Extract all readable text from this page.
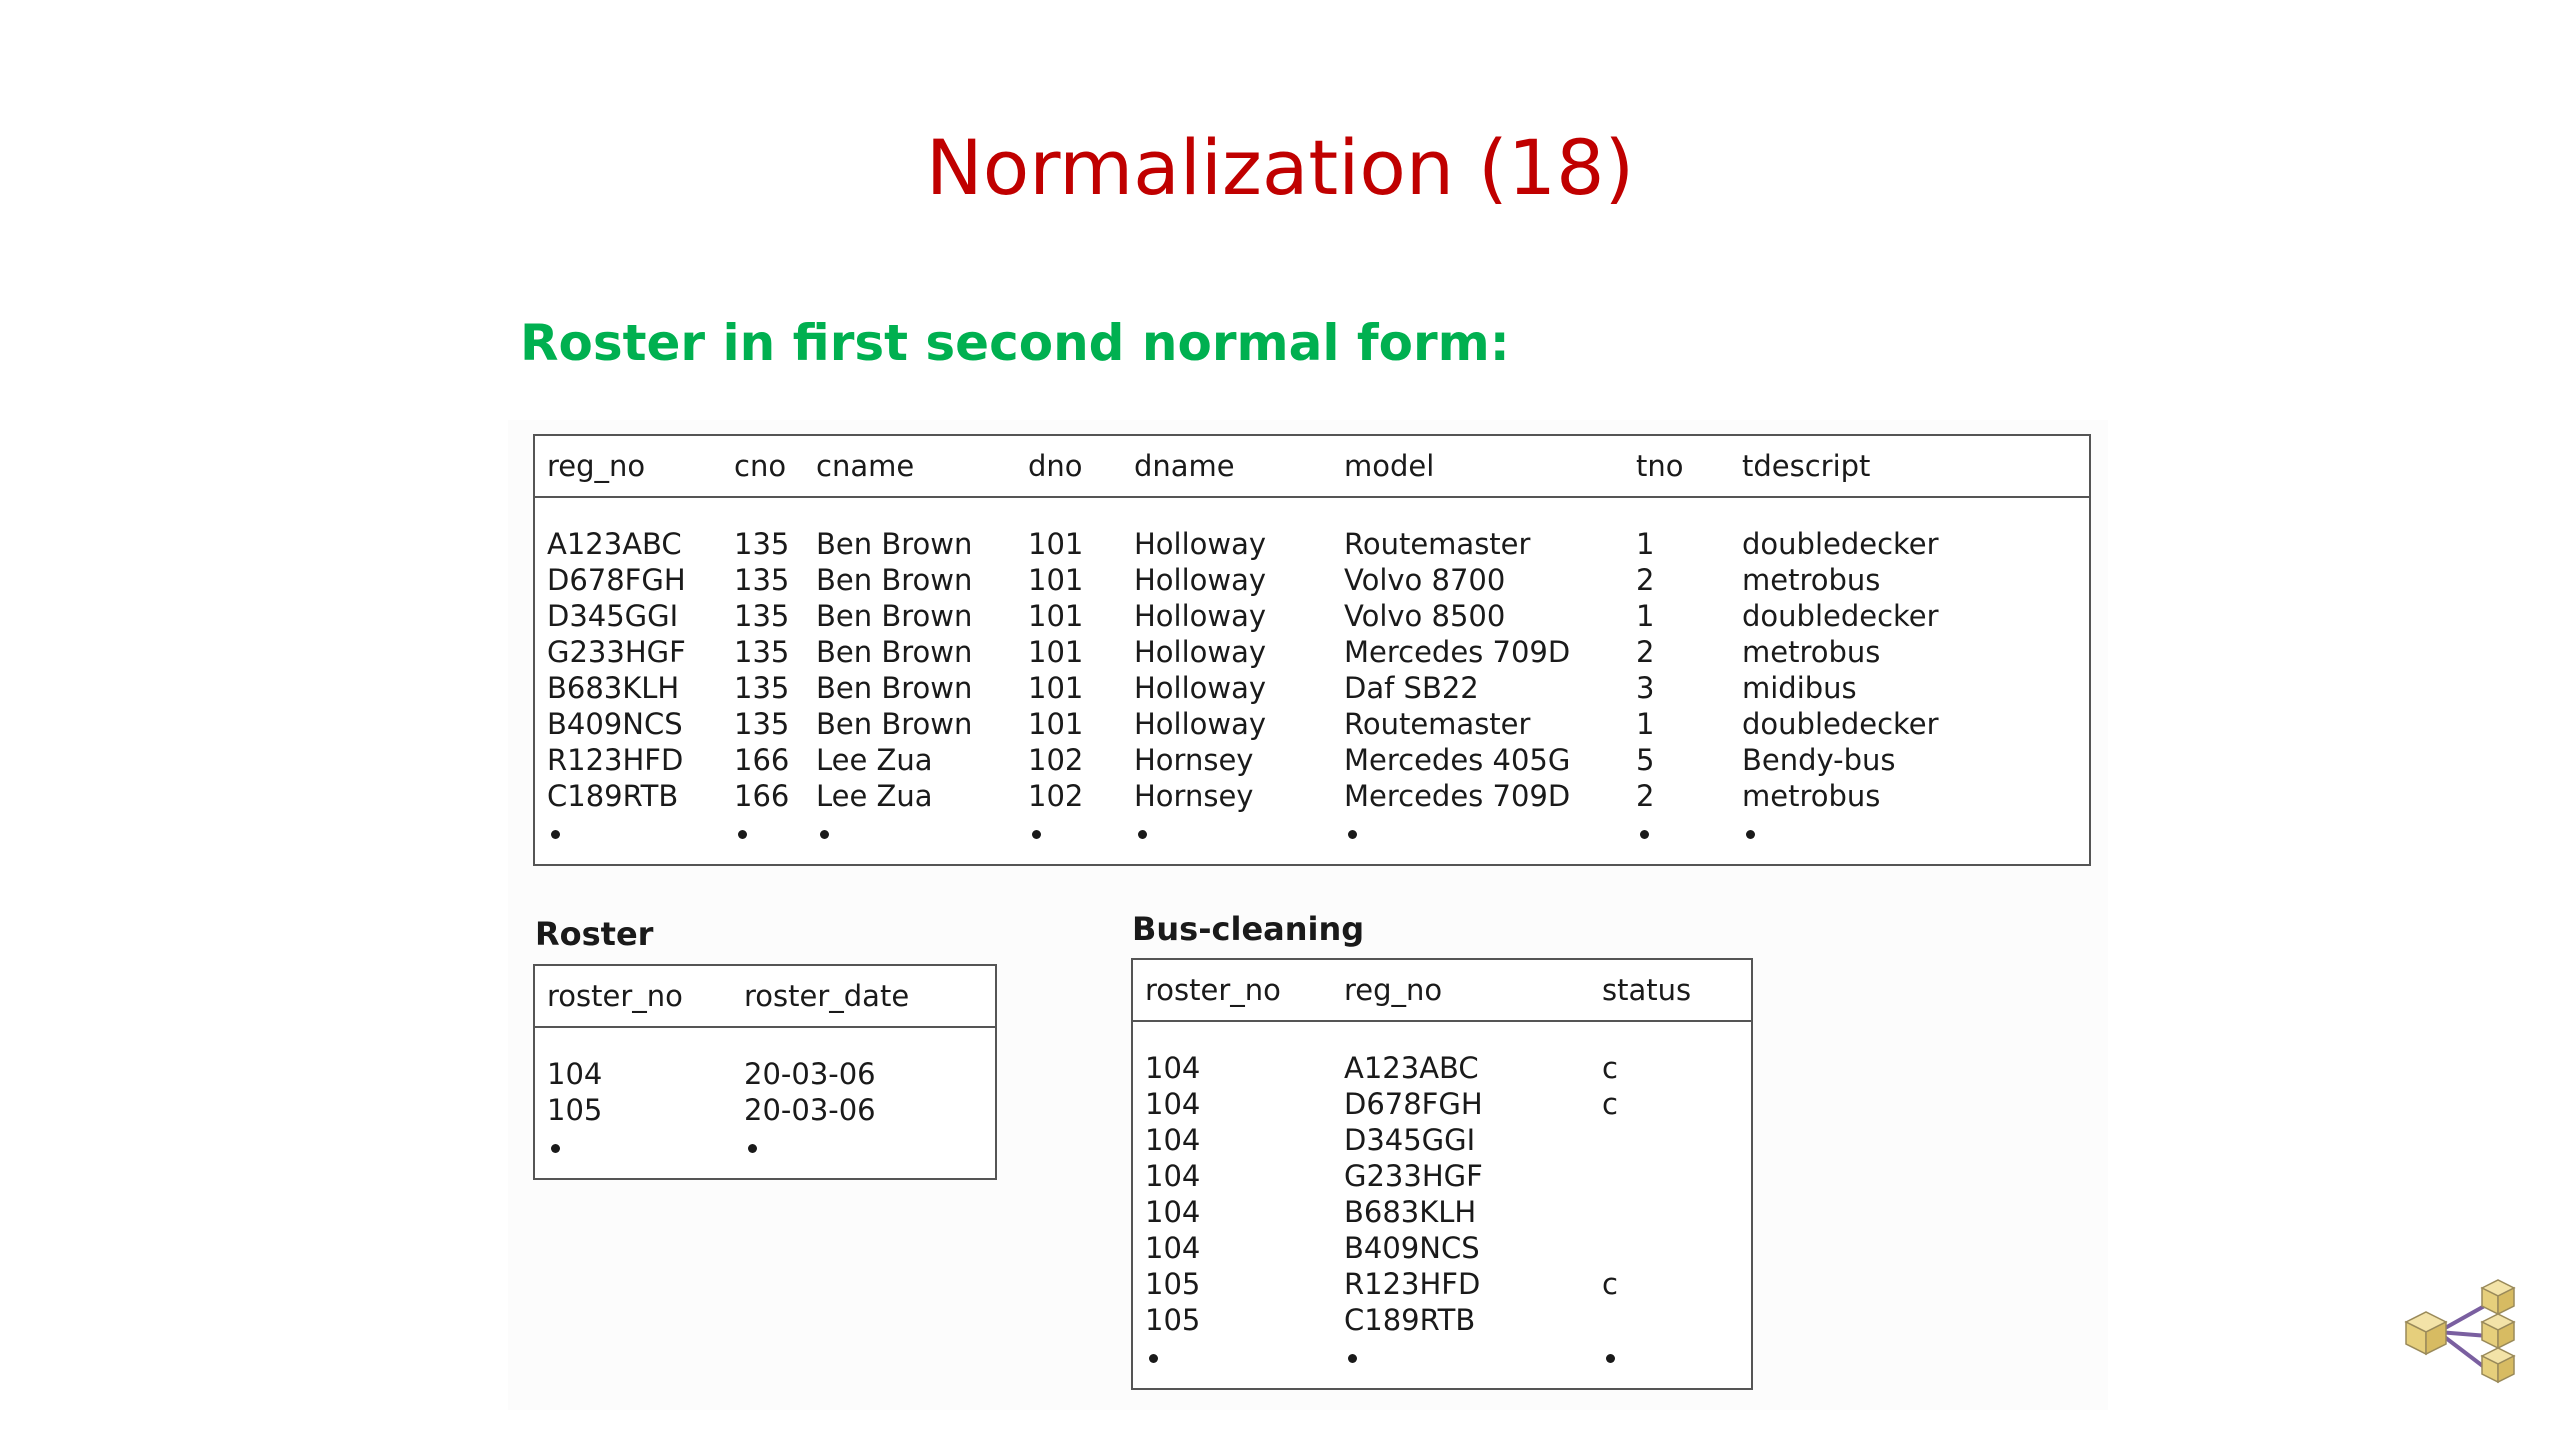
Normalization (18)
Roster in first second normal form:
reg_no	cno	cname	dno	dname	model	tno	tdescript
A123ABC	135	Ben Brown	101	Holloway	Routemaster	1	doubledecker
D678FGH	135	Ben Brown	101	Holloway	Volvo 8700	2	metrobus
D345GGI	135	Ben Brown	101	Holloway	Volvo 8500	1	doubledecker
G233HGF	135	Ben Brown	101	Holloway	Mercedes 709D	2	metrobus
B683KLH	135	Ben Brown	101	Holloway	Daf SB22	3	midibus
B409NCS	135	Ben Brown	101	Holloway	Routemaster	1	doubledecker
R123HFD	166	Lee Zua	102	Hornsey	Mercedes 405G	5	Bendy-bus
C189RTB	166	Lee Zua	102	Hornsey	Mercedes 709D	2	metrobus

Roster
roster_no	roster_date
104	20-03-06
105	20-03-06

Bus-cleaning
roster_no	reg_no	status
104	A123ABC	c
104	D678FGH	c
104	D345GGI	
104	G233HGF	
104	B683KLH	
104	B409NCS	
105	R123HFD	c
105	C189RTB	
